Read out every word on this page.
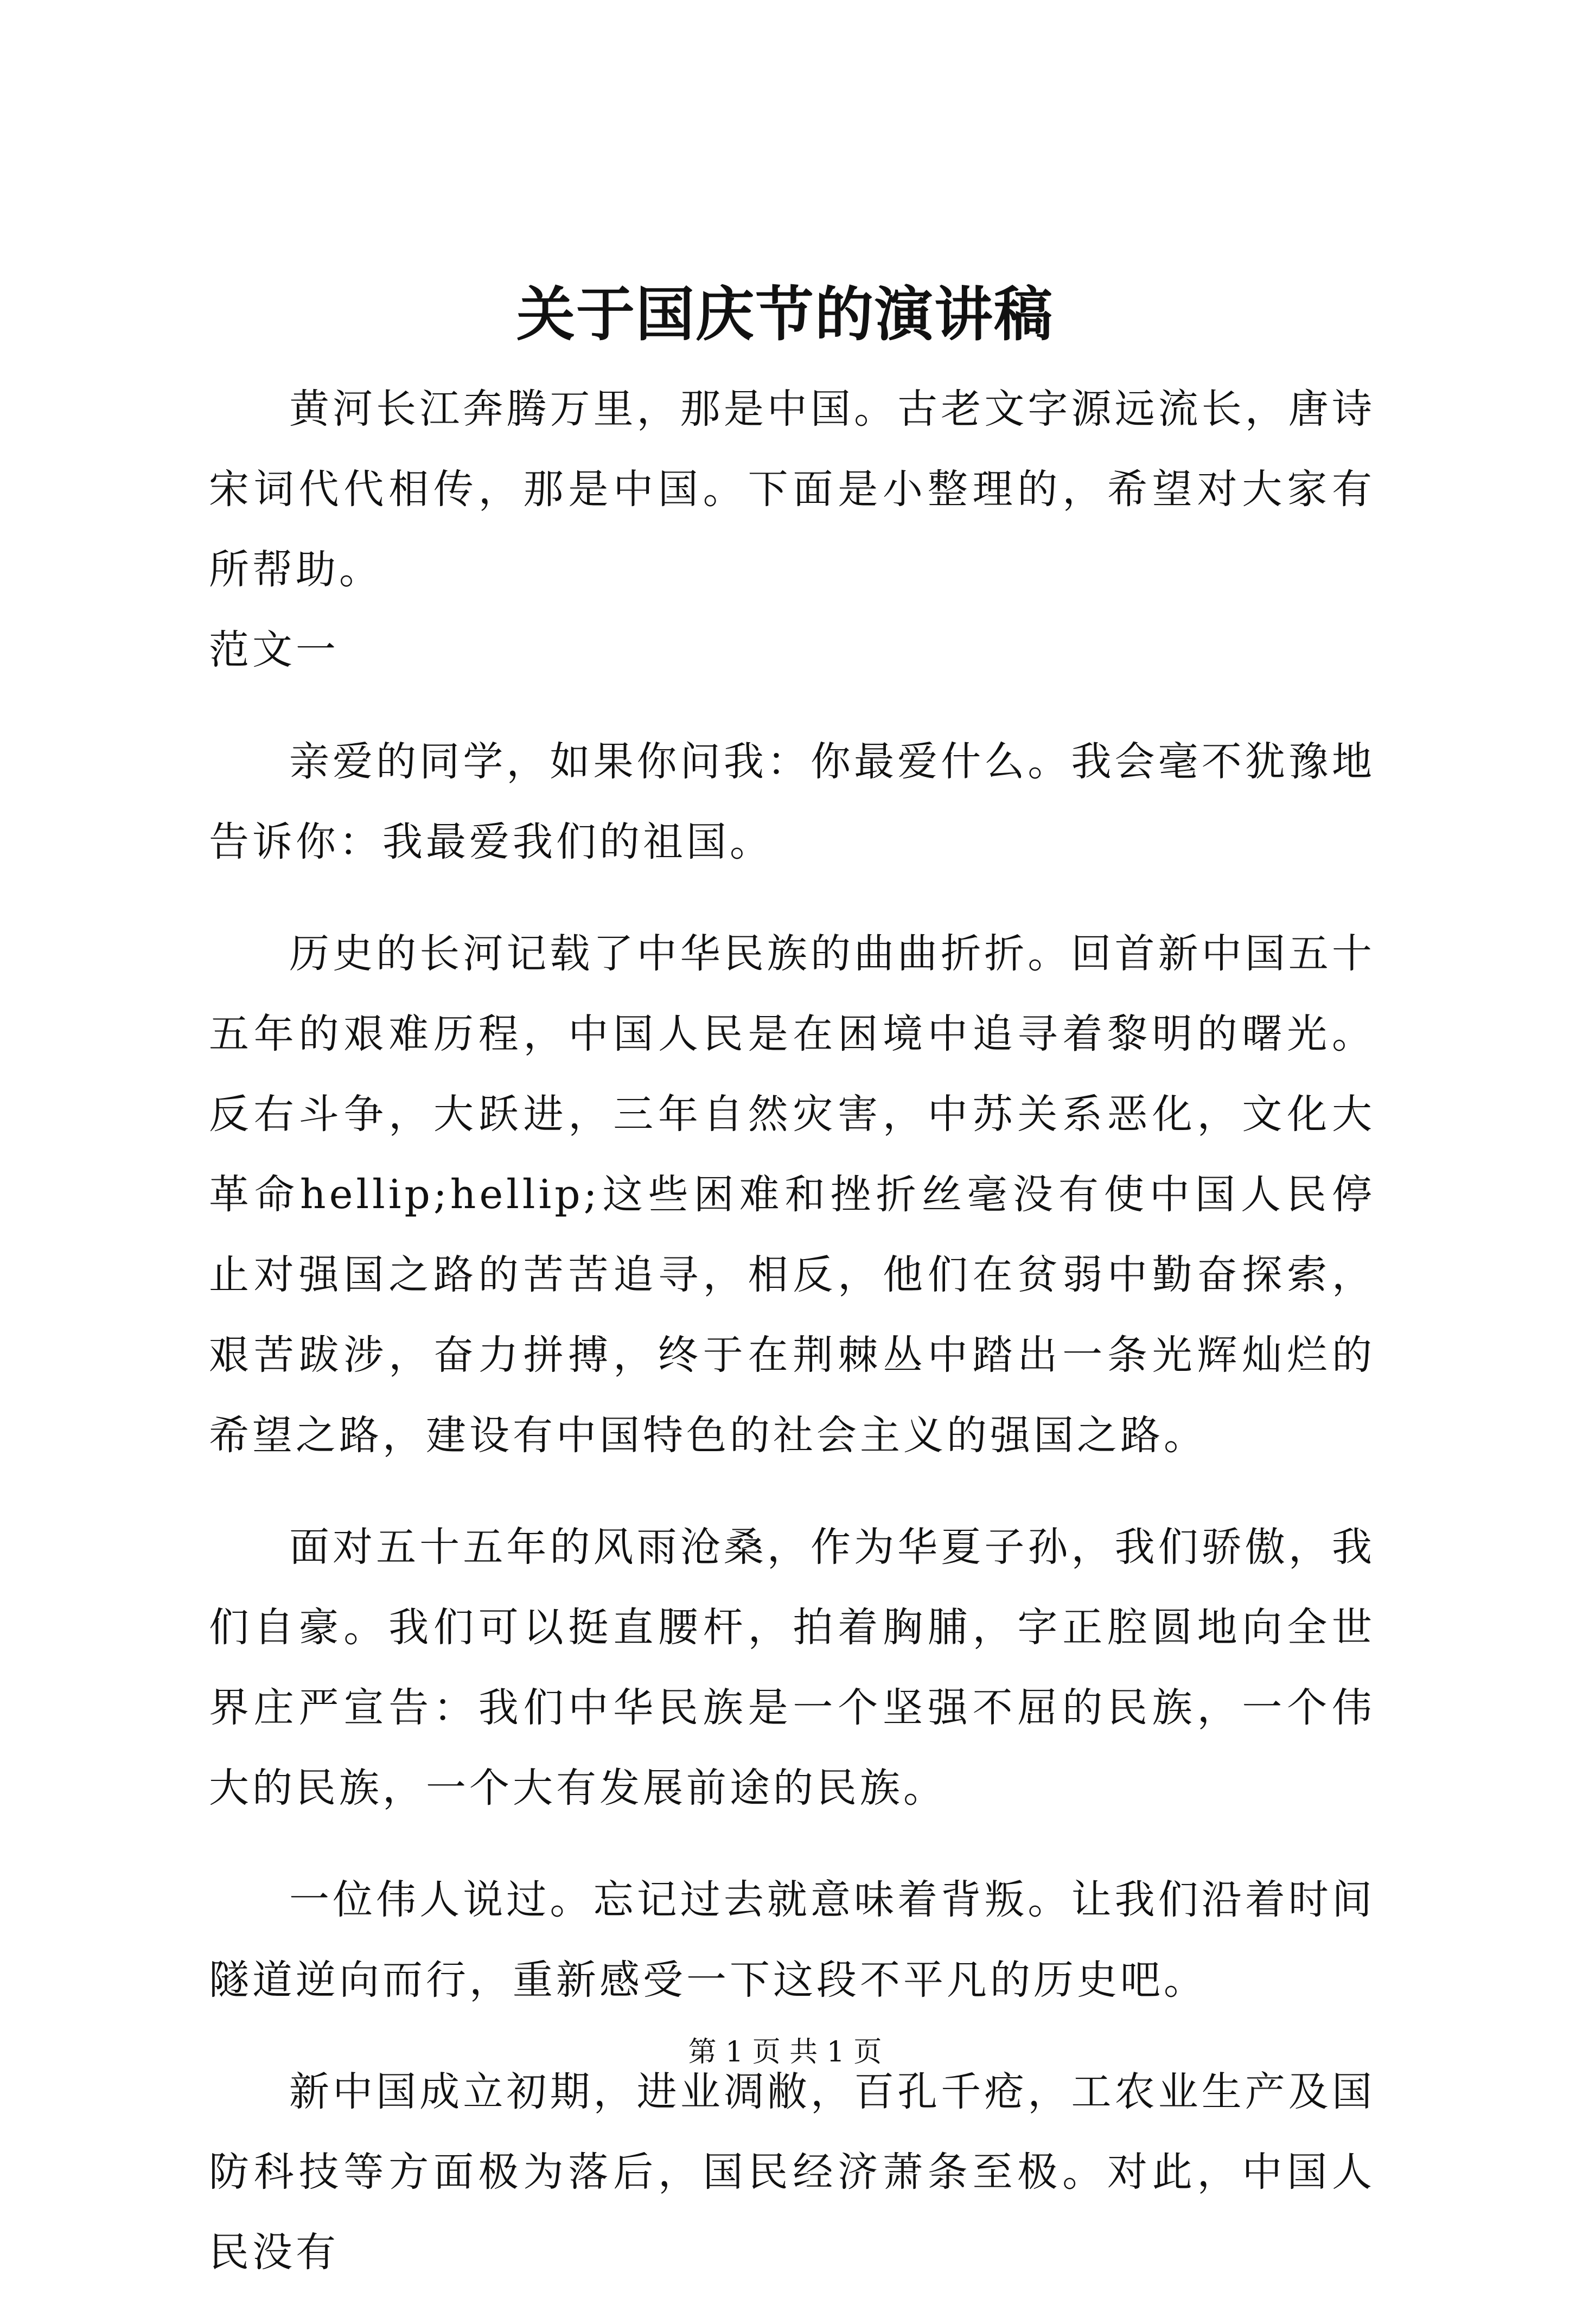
关于国庆节的演讲稿

黄河长江奔腾万里，那是中国。古老文字源远流长，唐诗宋词代代相传，那是中国。下面是小整理的，希望对大家有所帮助。

范文一

亲爱的同学，如果你问我：你最爱什么。我会毫不犹豫地告诉你：我最爱我们的祖国。

历史的长河记载了中华民族的曲曲折折。回首新中国五十五年的艰难历程，中国人民是在困境中追寻着黎明的曙光。反右斗争，大跃进，三年自然灾害，中苏关系恶化，文化大革命hellip;hellip;这些困难和挫折丝毫没有使中国人民停止对强国之路的苦苦追寻，相反，他们在贫弱中勤奋探索，艰苦跋涉，奋力拼搏，终于在荆棘丛中踏出一条光辉灿烂的希望之路，建设有中国特色的社会主义的强国之路。

面对五十五年的风雨沧桑，作为华夏子孙，我们骄傲，我们自豪。我们可以挺直腰杆，拍着胸脯，字正腔圆地向全世界庄严宣告：我们中华民族是一个坚强不屈的民族，一个伟大的民族，一个大有发展前途的民族。

一位伟人说过。忘记过去就意味着背叛。让我们沿着时间隧道逆向而行，重新感受一下这段不平凡的历史吧。

新中国成立初期，进业凋敝，百孔千疮，工农业生产及国防科技等方面极为落后，国民经济萧条至极。对此，中国人民没有

第 1 页 共 1 页
